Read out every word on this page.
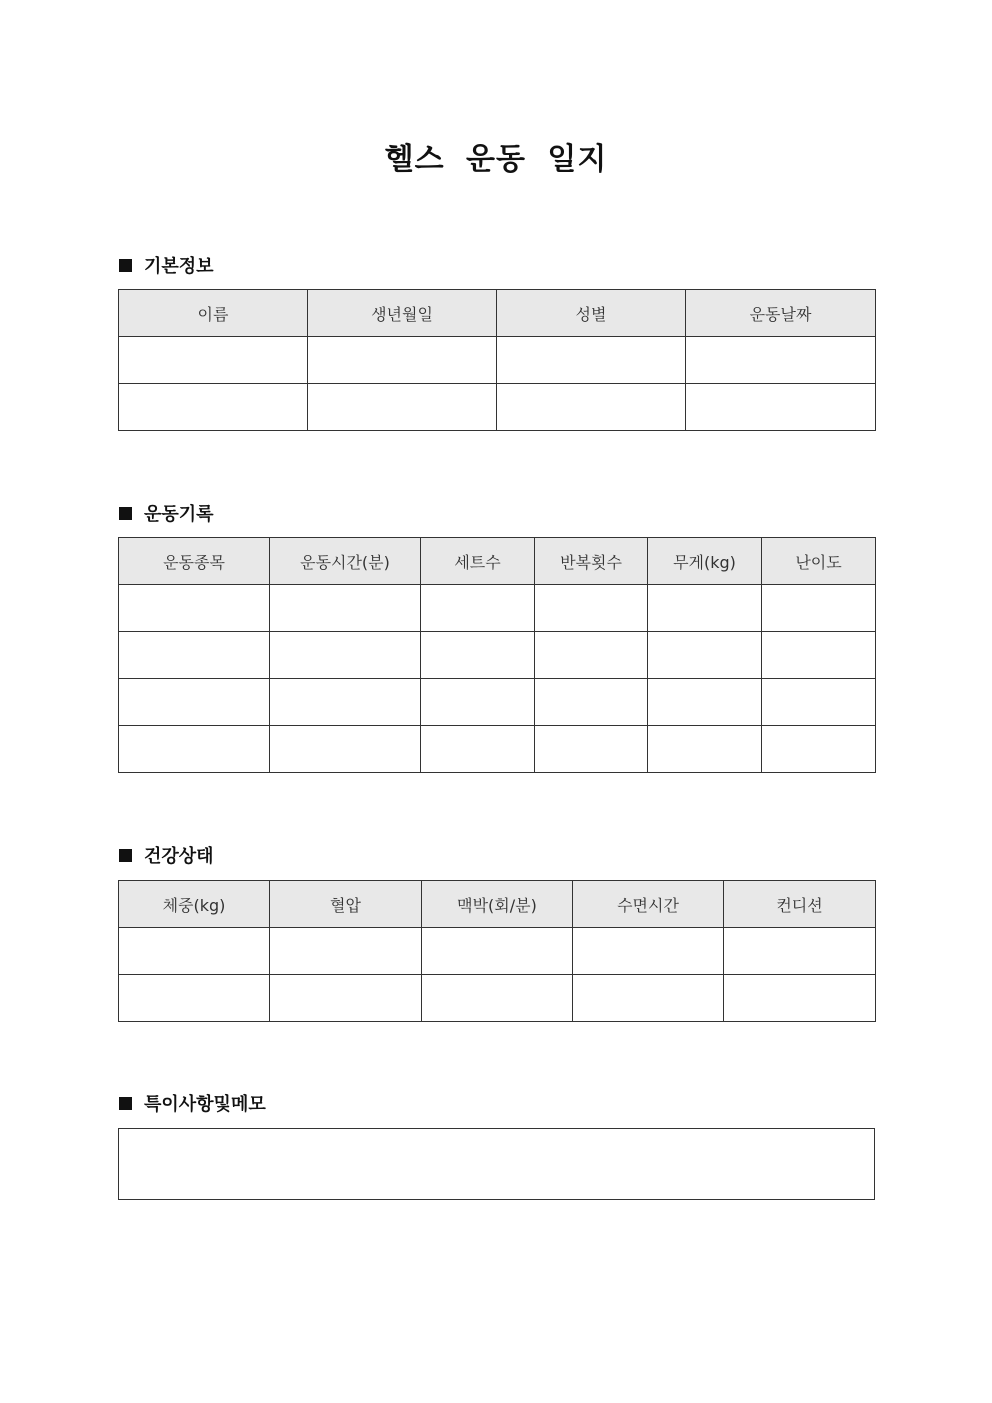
헬스 운동 일지
기본정보
이름	생년월일	성별	운동날짜

운동기록
운동종목	운동시간(분)	세트수	반복횟수	무게(kg)	난이도

건강상태
체중(kg)	혈압	맥박(회/분)	수면시간	컨디션

특이사항및메모
